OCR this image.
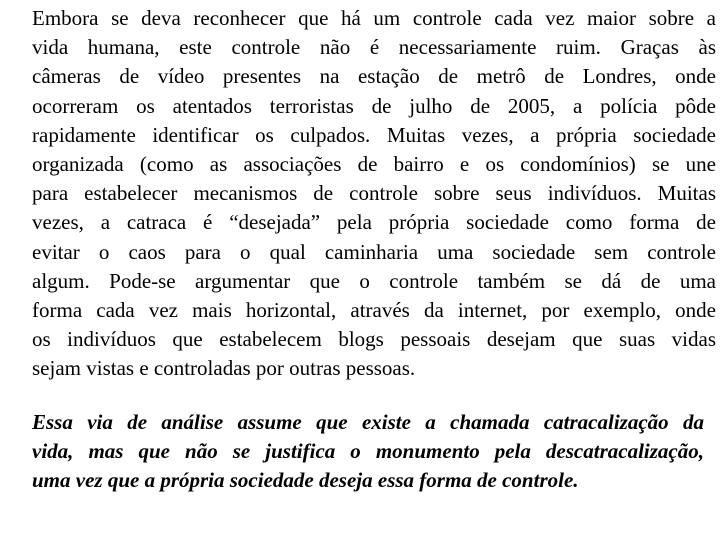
Embora se deva reconhecer que há um controle cada vez maior sobre a
vida humana, este controle não é necessariamente ruim. Graças às
câmeras de vídeo presentes na estação de metrô de Londres, onde
ocorreram os atentados terroristas de julho de 2005, a polícia pôde
rapidamente identificar os culpados. Muitas vezes, a própria sociedade
organizada (como as associações de bairro e os condomínios) se une
para estabelecer mecanismos de controle sobre seus indivíduos. Muitas
vezes, a catraca é “desejada” pela própria sociedade como forma de
evitar o caos para o qual caminharia uma sociedade sem controle
algum. Pode-se argumentar que o controle também se dá de uma
forma cada vez mais horizontal, através da internet, por exemplo, onde
os indivíduos que estabelecem blogs pessoais desejam que suas vidas
sejam vistas e controladas por outras pessoas.

Essa via de análise assume que existe a chamada catracalização da
vida, mas que não se justifica o monumento pela descatracalização,
uma vez que a própria sociedade deseja essa forma de controle.
